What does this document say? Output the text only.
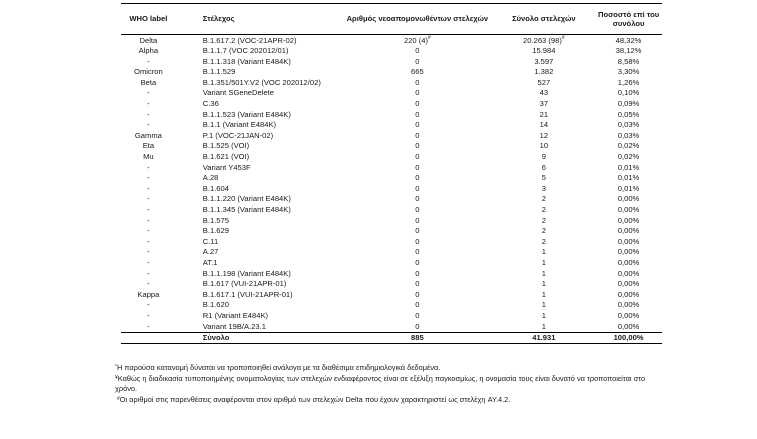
WHO label	Στέλεχος	Αριθμός νεοαπομονωθέντων στελεχών	Σύνολο στελεχών	Ποσοστό επί του συνόλου
Delta	B.1.617.2 (VOC-21APR-02)	220 (4)#	20.263 (98)#	48,32%
Alpha	B.1.1.7 (VOC 202012/01)	0	15.984	38,12%
-	B.1.1.318 (Variant E484K)	0	3.597	8,58%
Omicron	B.1.1.529	665	1.382	3,30%
Beta	B.1.351/501Y.V2 (VOC 202012/02)	0	527	1,26%
-	Variant SGeneDelete	0	43	0,10%
-	C.36	0	37	0,09%
-	B.1.1.523 (Variant E484K)	0	21	0,05%
-	B.1.1 (Variant E484K)	0	14	0,03%
Gamma	P.1 (VOC-21JAN-02)	0	12	0,03%
Eta	B.1.525 (VOI)	0	10	0,02%
Mu	B.1.621 (VOI)	0	9	0,02%
-	Variant Y453F	0	6	0,01%
-	A.28	0	5	0,01%
-	B.1.604	0	3	0,01%
-	B.1.1.220 (Variant E484K)	0	2	0,00%
-	B.1.1.345 (Variant E484K)	0	2	0,00%
-	B.1.575	0	2	0,00%
-	B.1.629	0	2	0,00%
-	C.11	0	2	0,00%
-	A.27	0	1	0,00%
-	AT.1	0	1	0,00%
-	B.1.1.198 (Variant E484K)	0	1	0,00%
-	B.1.617 (VUI-21APR-01)	0	1	0,00%
Kappa	B.1.617.1 (VUI-21APR-01)	0	1	0,00%
-	B.1.620	0	1	0,00%
-	R1 (Variant E484K)	0	1	0,00%
-	Variant 19B/A.23.1	0	1	0,00%
	Σύνολο	885	41.931	100,00%

*Η παρούσα κατανομή δύναται να τροποποιηθεί ανάλογα με τα διαθέσιμα επιδημιολογικά δεδομένα.

¥Καθώς η διαδικασία τυποποιημένης ονοματολογίας των στελεχών ενδιαφέροντος είναι σε εξέλιξη παγκοσμίως, η ονομασία τους είναι δυνατό να τροποποιείται στο χρόνο.

#Οι αριθμοί στις παρενθέσεις αναφέρονται στον αριθμό των στελεχών Delta που έχουν χαρακτηριστεί ως στελέχη AY.4.2.
